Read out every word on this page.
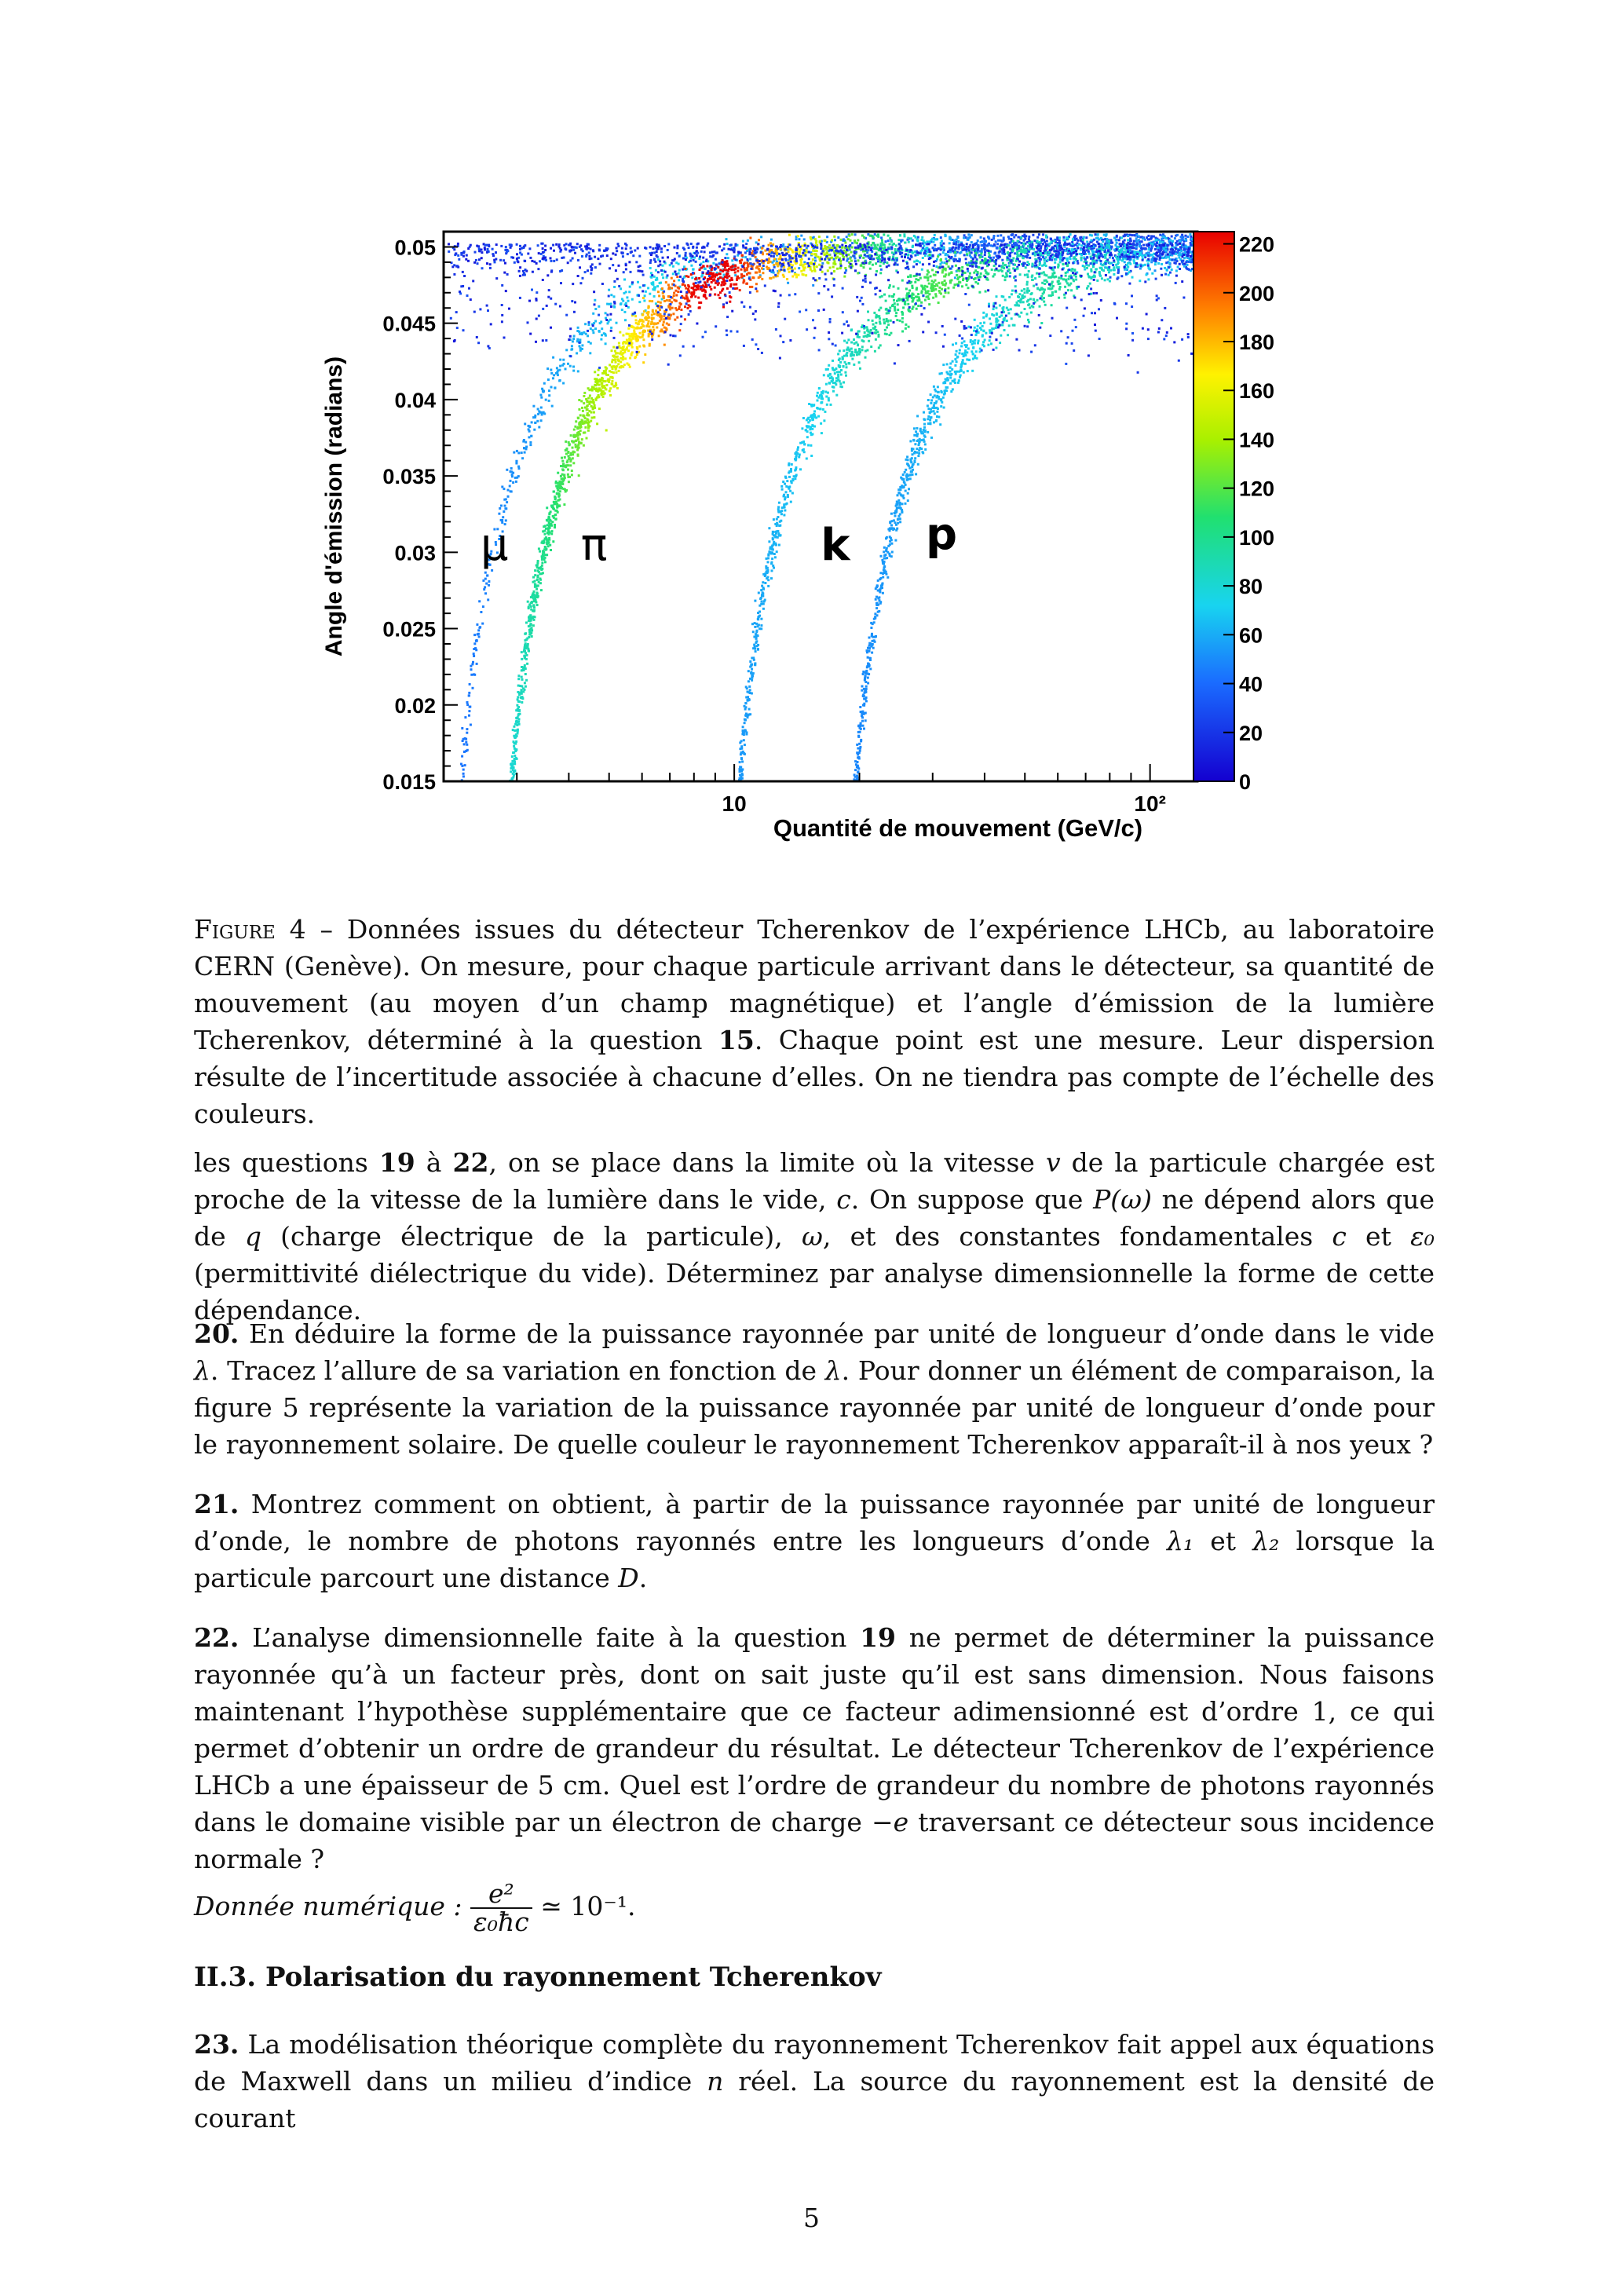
0.015
0.02
0.025
0.03
0.035
0.04
0.045
0.05
10	10²
0
20
40
60
80
100
120
140
160
180
200
220
Quantité de mouvement (GeV/c)
Angle d'émission (radians)	μ π	k p

Figure 4 – Données issues du détecteur Tcherenkov de l’expérience LHCb, au laboratoire CERN (Genève). On mesure, pour chaque particule arrivant dans le détecteur, sa quantité de mouvement (au moyen d’un champ magnétique) et l’angle d’émission de la lumière Tcherenkov, déterminé à la question 15. Chaque point est une mesure. Leur dispersion résulte de l’incertitude associée à chacune d’elles. On ne tiendra pas compte de l’échelle des couleurs.

les questions 19 à 22, on se place dans la limite où la vitesse v de la particule chargée est proche de la vitesse de la lumière dans le vide, c. On suppose que P(ω) ne dépend alors que de q (charge électrique de la particule), ω, et des constantes fondamentales c et ε₀ (permittivité diélectrique du vide). Déterminez par analyse dimensionnelle la forme de cette dépendance.

20. En déduire la forme de la puissance rayonnée par unité de longueur d’onde dans le vide λ. Tracez l’allure de sa variation en fonction de λ. Pour donner un élément de comparaison, la figure 5 représente la variation de la puissance rayonnée par unité de longueur d’onde pour le rayonnement solaire. De quelle couleur le rayonnement Tcherenkov apparaît-il à nos yeux ?

21. Montrez comment on obtient, à partir de la puissance rayonnée par unité de longueur d’onde, le nombre de photons rayonnés entre les longueurs d’onde λ₁ et λ₂ lorsque la particule parcourt une distance D.

22. L’analyse dimensionnelle faite à la question 19 ne permet de déterminer la puissance rayonnée qu’à un facteur près, dont on sait juste qu’il est sans dimension. Nous faisons maintenant l’hypothèse supplémentaire que ce facteur adimensionné est d’ordre 1, ce qui permet d’obtenir un ordre de grandeur du résultat. Le détecteur Tcherenkov de l’expérience LHCb a une épaisseur de 5 cm. Quel est l’ordre de grandeur du nombre de photons rayonnés dans le domaine visible par un électron de charge −e traversant ce détecteur sous incidence normale ?

Donnée numérique : $\frac{\text{e²}}{\text{ε₀ħc}}$ ≃ 10⁻¹.

II.3. Polarisation du rayonnement Tcherenkov

23. La modélisation théorique complète du rayonnement Tcherenkov fait appel aux équations de Maxwell dans un milieu d’indice n réel. La source du rayonnement est la densité de courant

5
